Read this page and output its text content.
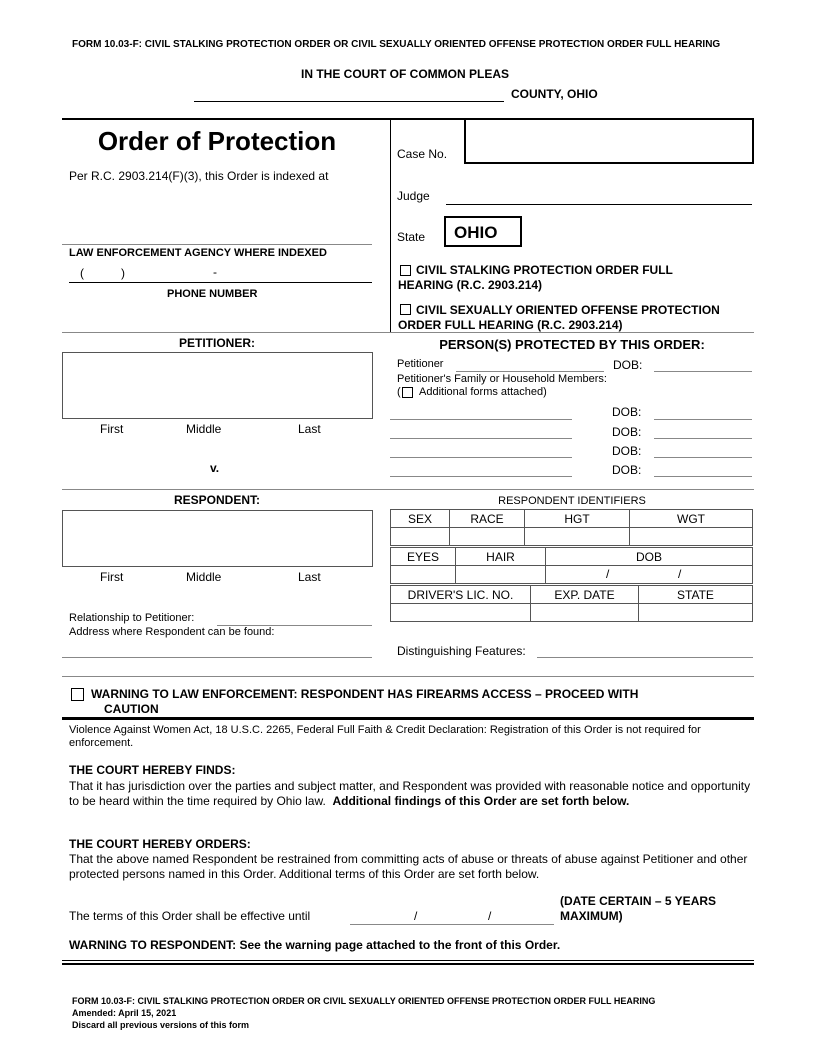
FORM 10.03-F: CIVIL STALKING PROTECTION ORDER OR CIVIL SEXUALLY ORIENTED OFFENSE PROTECTION ORDER FULL HEARING
IN THE COURT OF COMMON PLEAS
COUNTY, OHIO
Order of Protection
Per R.C. 2903.214(F)(3), this Order is indexed at
LAW ENFORCEMENT AGENCY WHERE INDEXED
(	)	-
PHONE NUMBER
Case No.
Judge
State OHIO
CIVIL STALKING PROTECTION ORDER FULL HEARING (R.C. 2903.214)
CIVIL SEXUALLY ORIENTED OFFENSE PROTECTION ORDER FULL HEARING (R.C. 2903.214)
PETITIONER:
First	Middle	Last
v.
PERSON(S) PROTECTED BY THIS ORDER:
Petitioner	DOB:
Petitioner's Family or Household Members:
( Additional forms attached)
DOB:
DOB:
DOB:
DOB:
RESPONDENT:
First	Middle	Last
Relationship to Petitioner:
Address where Respondent can be found:
RESPONDENT IDENTIFIERS
SEX	RACE	HGT	WGT

EYES	HAIR	DOB

		/ /
DRIVER'S LIC. NO.	EXP. DATE	STATE

Distinguishing Features:
WARNING TO LAW ENFORCEMENT: RESPONDENT HAS FIREARMS ACCESS – PROCEED WITH
CAUTION
Violence Against Women Act, 18 U.S.C. 2265, Federal Full Faith & Credit Declaration: Registration of this Order is not required for enforcement.
THE COURT HEREBY FINDS:
That it has jurisdiction over the parties and subject matter, and Respondent was provided with reasonable notice and opportunity to be heard within the time required by Ohio law. Additional findings of this Order are set forth below.
THE COURT HEREBY ORDERS:
That the above named Respondent be restrained from committing acts of abuse or threats of abuse against Petitioner and other protected persons named in this Order. Additional terms of this Order are set forth below.
The terms of this Order shall be effective until	/	/
(DATE CERTAIN – 5 YEARS MAXIMUM)
WARNING TO RESPONDENT: See the warning page attached to the front of this Order.
FORM 10.03-F: CIVIL STALKING PROTECTION ORDER OR CIVIL SEXUALLY ORIENTED OFFENSE PROTECTION ORDER FULL HEARING
Amended: April 15, 2021
Discard all previous versions of this form
